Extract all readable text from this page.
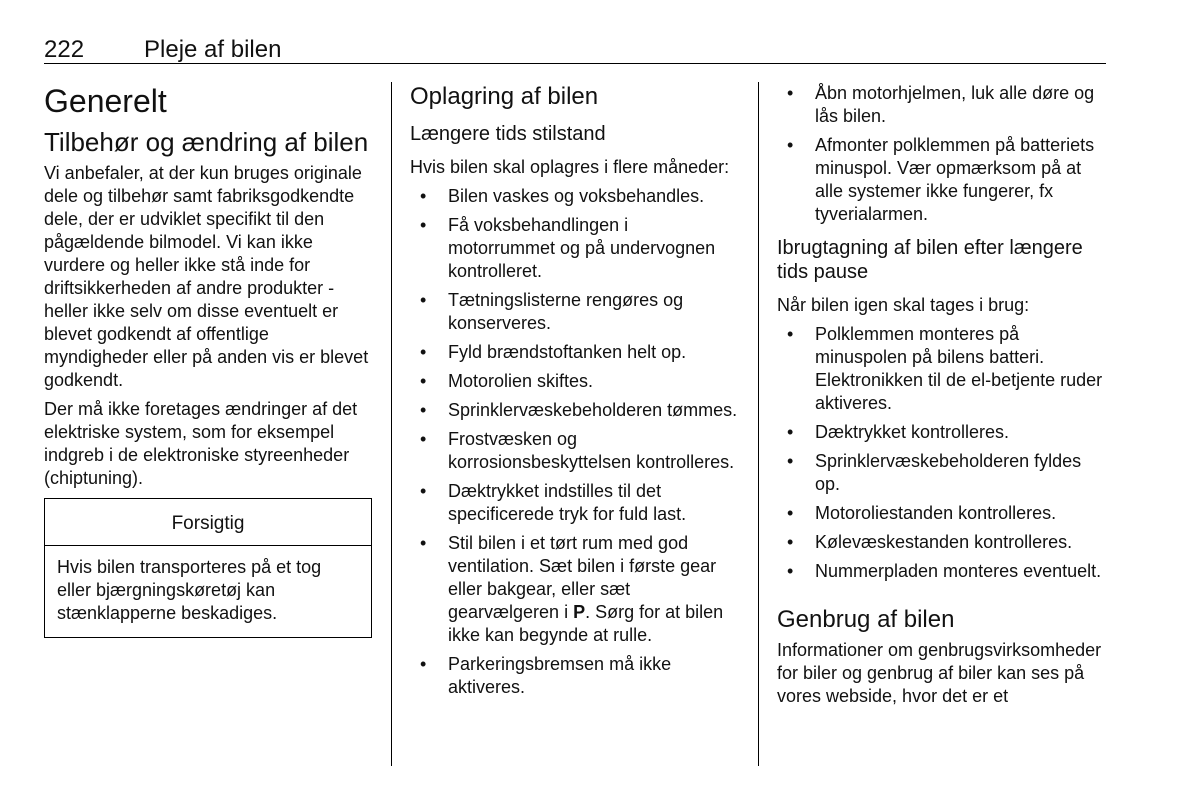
222 Pleje af bilen
Generelt
Tilbehør og ændring af bilen

Vi anbefaler, at der kun bruges originale dele og tilbehør samt fabriksgodkendte dele, der er udviklet specifikt til den pågældende bilmodel. Vi kan ikke vurdere og heller ikke stå inde for driftsikkerheden af andre produkter - heller ikke selv om disse eventuelt er blevet godkendt af offentlige myndigheder eller på anden vis er blevet godkendt.

Der må ikke foretages ændringer af det elektriske system, som for eksempel indgreb i de elektroniske styreenheder (chiptuning).

Forsigtig
Hvis bilen transporteres på et tog eller bjærgningskøretøj kan stænklapperne beskadiges.
Oplagring af bilen
Længere tids stilstand

Hvis bilen skal oplagres i flere måneder:

• Bilen vaskes og voksbehandles.
• Få voksbehandlingen i motorrummet og på undervognen kontrolleret.
• Tætningslisterne rengøres og konserveres.
• Fyld brændstoftanken helt op.
• Motorolien skiftes.
• Sprinklervæskebeholderen tømmes.
• Frostvæsken og korrosionsbeskyttelsen kontrolleres.
• Dæktrykket indstilles til det specificerede tryk for fuld last.
• Stil bilen i et tørt rum med god ventilation. Sæt bilen i første gear eller bakgear, eller sæt gearvælgeren i P. Sørg for at bilen ikke kan begynde at rulle.
• Parkeringsbremsen må ikke aktiveres.
• Åbn motorhjelmen, luk alle døre og lås bilen.
• Afmonter polklemmen på batteriets minuspol. Vær opmærksom på at alle systemer ikke fungerer, fx tyverialarmen.
Ibrugtagning af bilen efter længere tids pause

Når bilen igen skal tages i brug:

• Polklemmen monteres på minuspolen på bilens batteri. Elektronikken til de el-betjente ruder aktiveres.
• Dæktrykket kontrolleres.
• Sprinklervæskebeholderen fyldes op.
• Motoroliestanden kontrolleres.
• Kølevæskestanden kontrolleres.
• Nummerpladen monteres eventuelt.
Genbrug af bilen

Informationer om genbrugsvirksomheder for biler og genbrug af biler kan ses på vores webside, hvor det er et
